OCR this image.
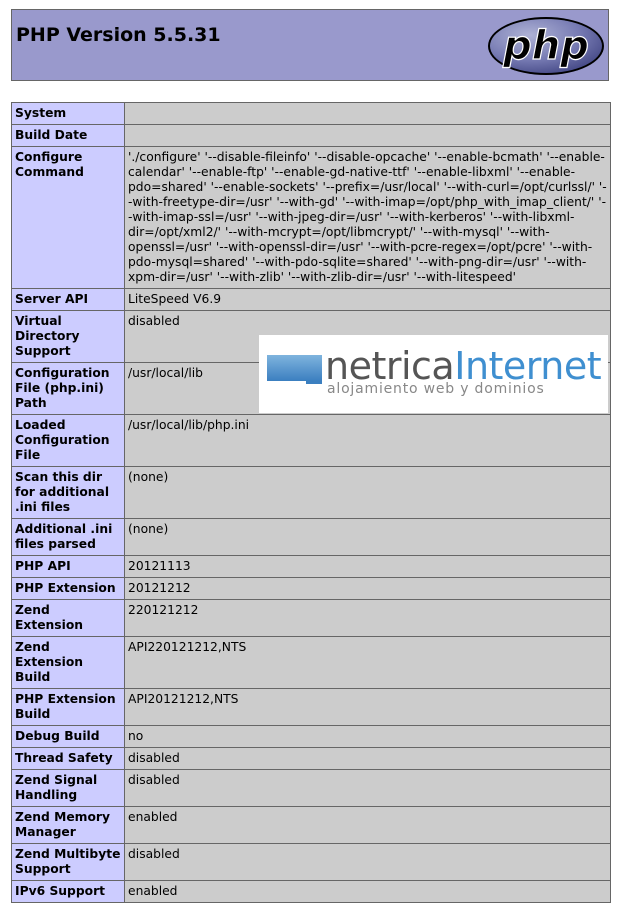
PHP Version 5.5.31	php
System	
Build Date	
Configure Command	'./configure' '--disable-fileinfo' '--disable-opcache' '--enable-bcmath' '--enable-calendar' '--enable-ftp' '--enable-gd-native-ttf' '--enable-libxml' '--enable-pdo=shared' '--enable-sockets' '--prefix=/usr/local' '--with-curl=/opt/curlssl/' '--with-freetype-dir=/usr' '--with-gd' '--with-imap=/opt/php_with_imap_client/' '--with-imap-ssl=/usr' '--with-jpeg-dir=/usr' '--with-kerberos' '--with-libxml-dir=/opt/xml2/' '--with-mcrypt=/opt/libmcrypt/' '--with-mysql' '--with-openssl=/usr' '--with-openssl-dir=/usr' '--with-pcre-regex=/opt/pcre' '--with-pdo-mysql=shared' '--with-pdo-sqlite=shared' '--with-png-dir=/usr' '--with-xpm-dir=/usr' '--with-zlib' '--with-zlib-dir=/usr' '--with-litespeed'
Server API	LiteSpeed V6.9
Virtual Directory Support	disabled
Configuration File (php.ini) Path	/usr/local/lib
Loaded Configuration File	/usr/local/lib/php.ini
Scan this dir for additional .ini files	(none)
Additional .ini files parsed	(none)
PHP API	20121113
PHP Extension	20121212
Zend Extension	220121212
Zend Extension Build	API220121212,NTS
PHP Extension Build	API20121212,NTS
Debug Build	no
Thread Safety	disabled
Zend Signal Handling	disabled
Zend Memory Manager	enabled
Zend Multibyte Support	disabled
IPv6 Support	enabled
netricaInternet
alojamiento web y dominios
